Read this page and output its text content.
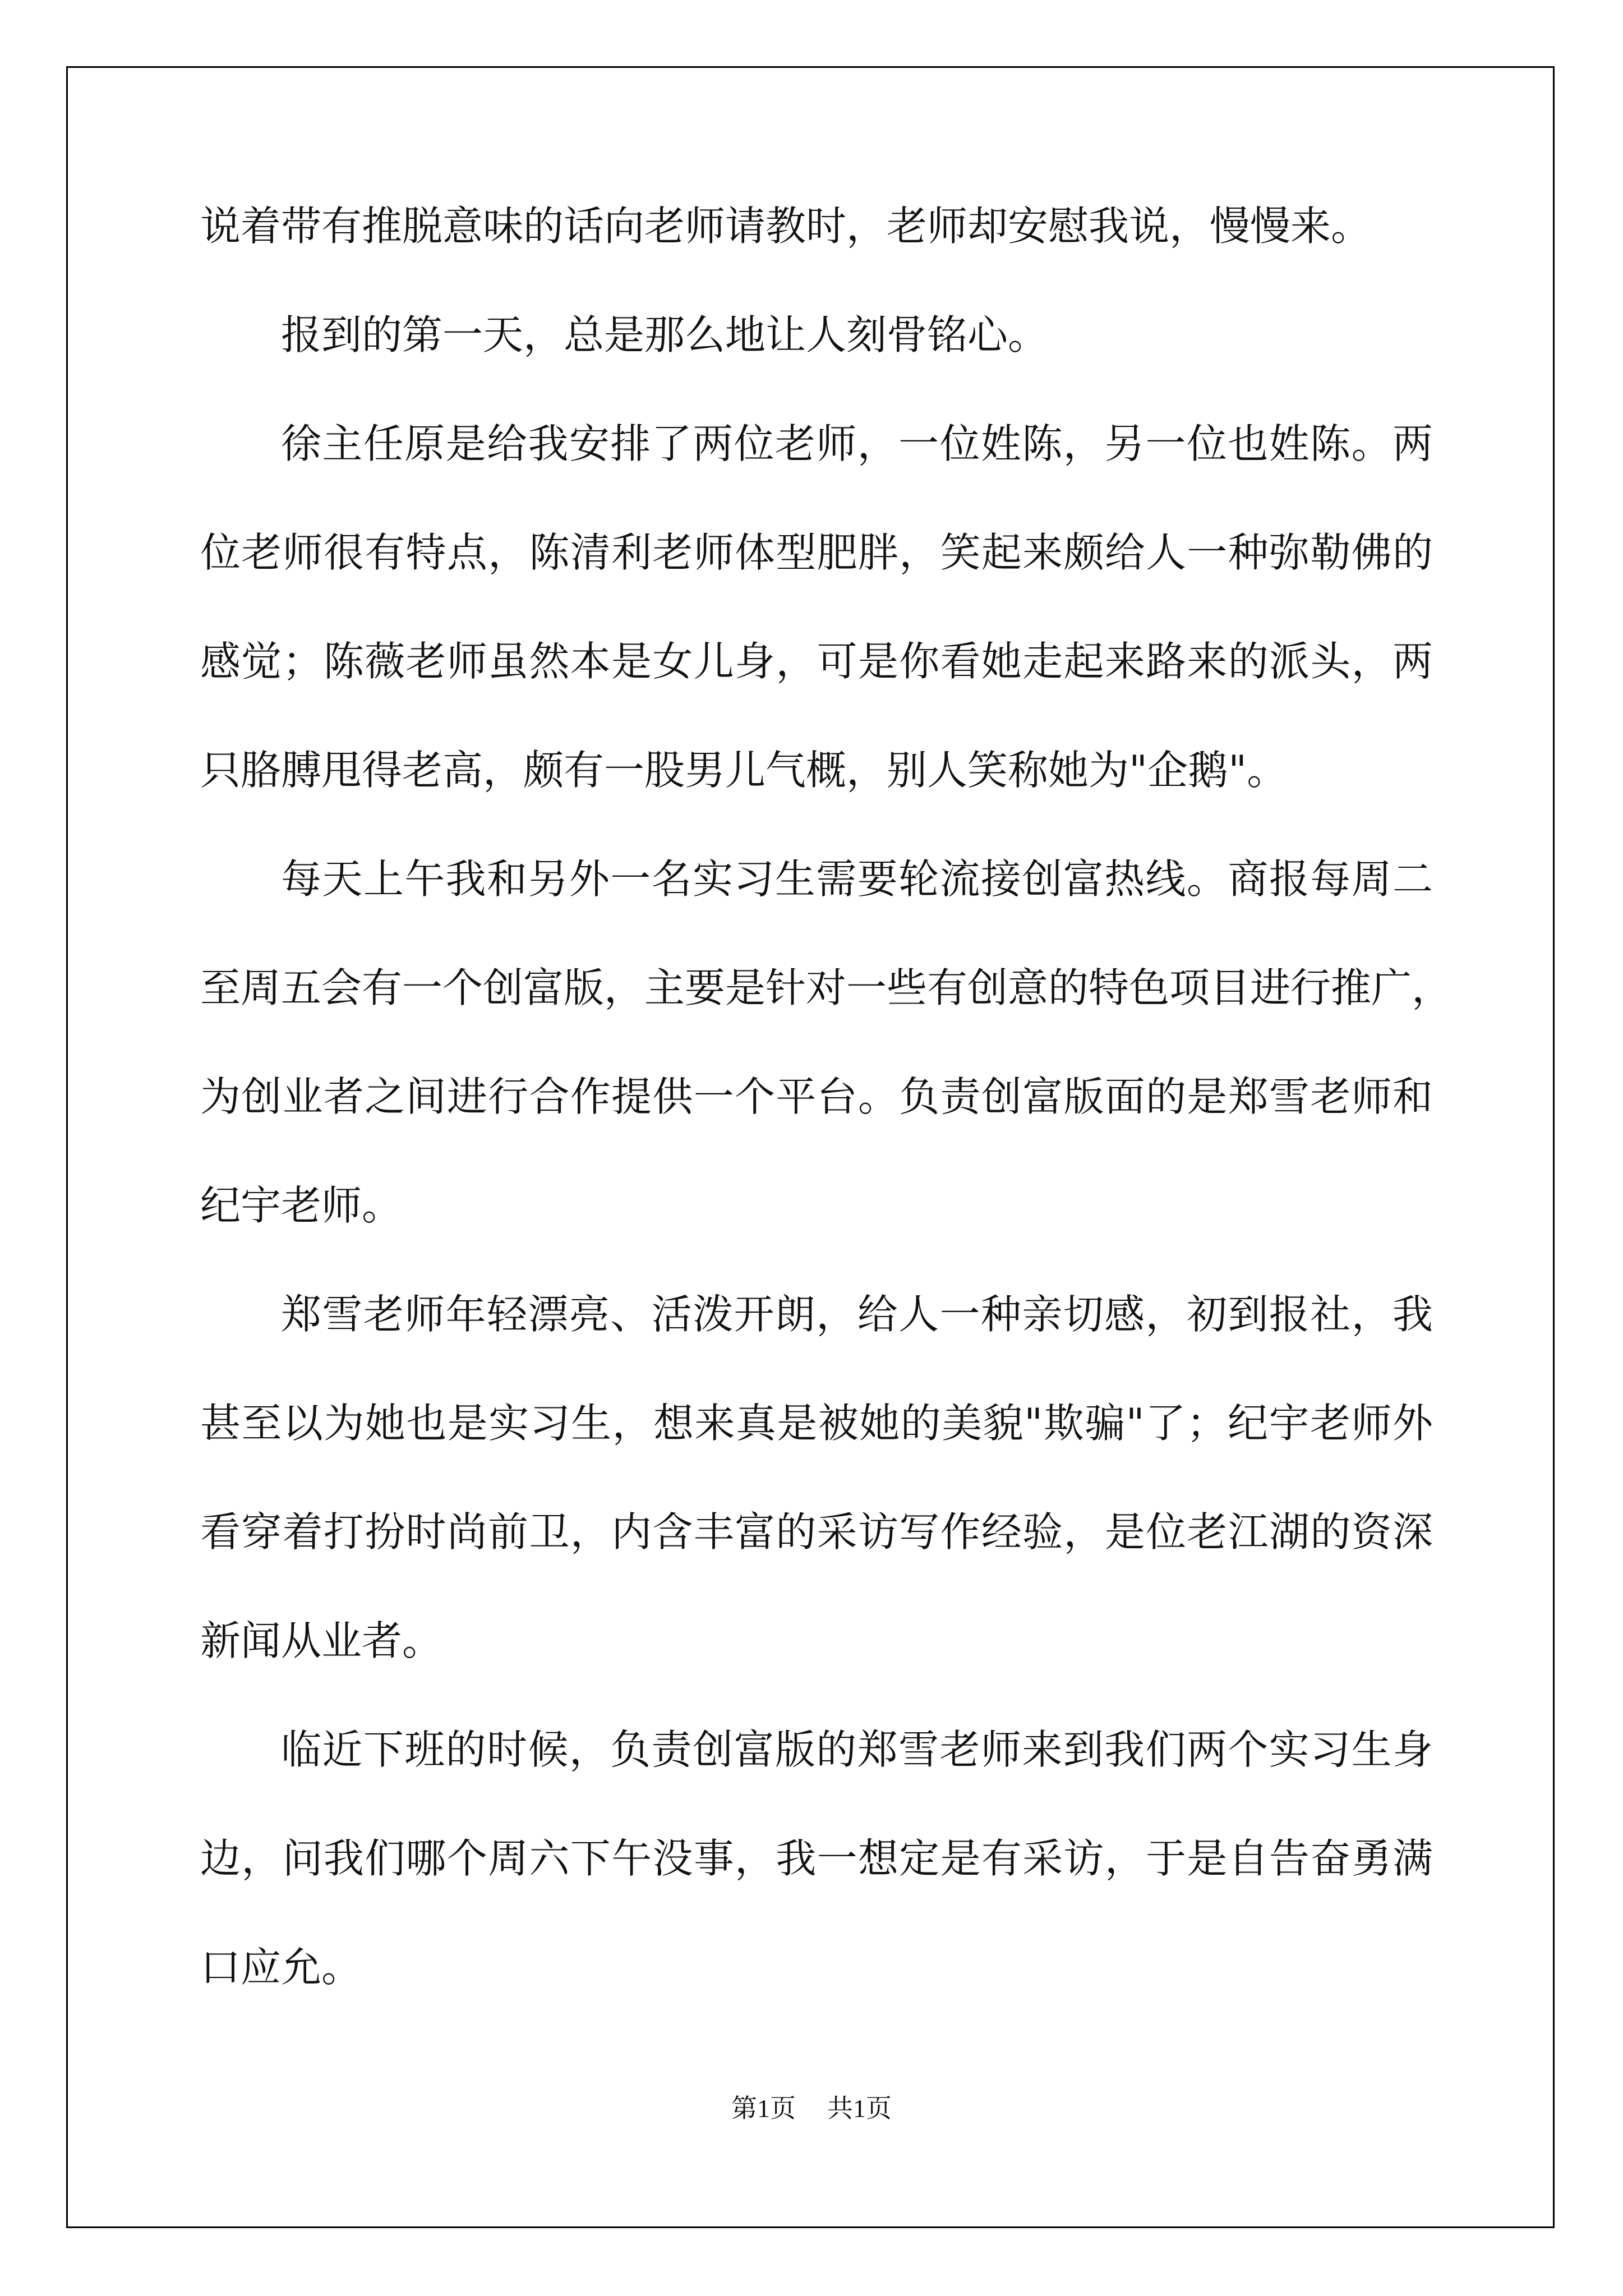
说着带有推脱意味的话向老师请教时，老师却安慰我说，慢慢来。
报到的第一天，总是那么地让人刻骨铭心。
徐主任原是给我安排了两位老师，一位姓陈，另一位也姓陈。两
位老师很有特点，陈清利老师体型肥胖，笑起来颇给人一种弥勒佛的
感觉；陈薇老师虽然本是女儿身，可是你看她走起来路来的派头，两
只胳膊甩得老高，颇有一股男儿气概，别人笑称她为"企鹅"。
每天上午我和另外一名实习生需要轮流接创富热线。商报每周二
至周五会有一个创富版，主要是针对一些有创意的特色项目进行推广，
为创业者之间进行合作提供一个平台。负责创富版面的是郑雪老师和
纪宇老师。
郑雪老师年轻漂亮、活泼开朗，给人一种亲切感，初到报社，我
甚至以为她也是实习生，想来真是被她的美貌"欺骗"了；纪宇老师外
看穿着打扮时尚前卫，内含丰富的采访写作经验，是位老江湖的资深
新闻从业者。
临近下班的时候，负责创富版的郑雪老师来到我们两个实习生身
边，问我们哪个周六下午没事，我一想定是有采访，于是自告奋勇满
口应允。
第1页 共1页
